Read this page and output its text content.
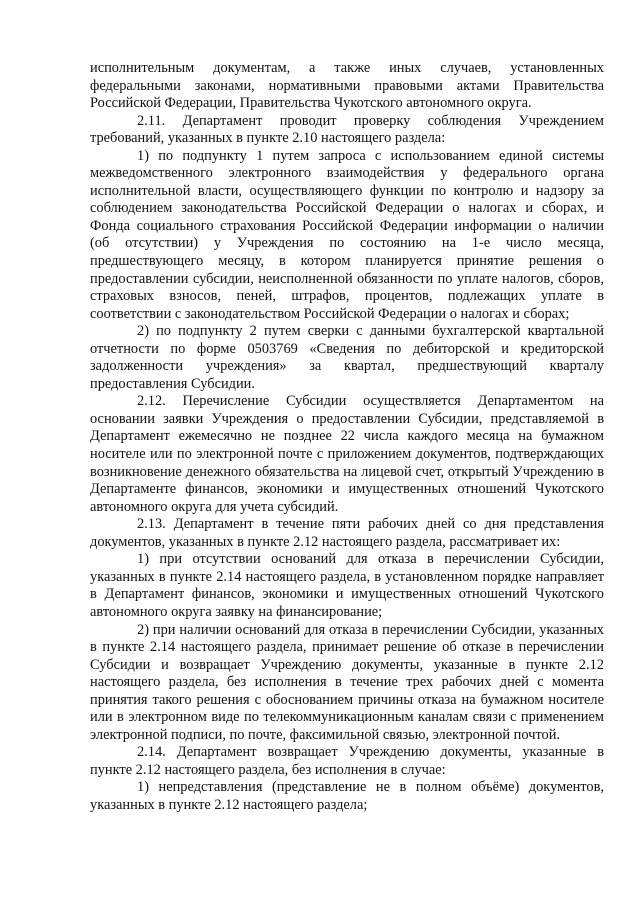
исполнительным документам, а также иных случаев, установленных федеральными законами, нормативными правовыми актами Правительства Российской Федерации, Правительства Чукотского автономного округа.

2.11. Департамент проводит проверку соблюдения Учреждением требований, указанных в пункте 2.10 настоящего раздела:

1) по подпункту 1 путем запроса с использованием единой системы межведомственного электронного взаимодействия у федерального органа исполнительной власти, осуществляющего функции по контролю и надзору за соблюдением законодательства Российской Федерации о налогах и сборах, и Фонда социального страхования Российской Федерации информации о наличии (об отсутствии) у Учреждения по состоянию на 1-е число месяца, предшествующего месяцу, в котором планируется принятие решения о предоставлении субсидии, неисполненной обязанности по уплате налогов, сборов, страховых взносов, пеней, штрафов, процентов, подлежащих уплате в соответствии с законодательством Российской Федерации о налогах и сборах;

2) по подпункту 2 путем сверки с данными бухгалтерской квартальной отчетности по форме 0503769 «Сведения по дебиторской и кредиторской задолженности учреждения» за квартал, предшествующий кварталу предоставления Субсидии.

2.12. Перечисление Субсидии осуществляется Департаментом на основании заявки Учреждения о предоставлении Субсидии, представляемой в Департамент ежемесячно не позднее 22 числа каждого месяца на бумажном носителе или по электронной почте с приложением документов, подтверждающих возникновение денежного обязательства на лицевой счет, открытый Учреждению в Департаменте финансов, экономики и имущественных отношений Чукотского автономного округа для учета субсидий.

2.13. Департамент в течение пяти рабочих дней со дня представления документов, указанных в пункте 2.12 настоящего раздела, рассматривает их:

1) при отсутствии оснований для отказа в перечислении Субсидии, указанных в пункте 2.14 настоящего раздела, в установленном порядке направляет в Департамент финансов, экономики и имущественных отношений Чукотского автономного округа заявку на финансирование;

2) при наличии оснований для отказа в перечислении Субсидии, указанных в пункте 2.14 настоящего раздела, принимает решение об отказе в перечислении Субсидии и возвращает Учреждению документы, указанные в пункте 2.12 настоящего раздела, без исполнения в течение трех рабочих дней с момента принятия такого решения с обоснованием причины отказа на бумажном носителе или в электронном виде по телекоммуникационным каналам связи с применением электронной подписи, по почте, факсимильной связью, электронной почтой.

2.14. Департамент возвращает Учреждению документы, указанные в пункте 2.12 настоящего раздела, без исполнения в случае:

1) непредставления (представление не в полном объёме) документов, указанных в пункте 2.12 настоящего раздела;
